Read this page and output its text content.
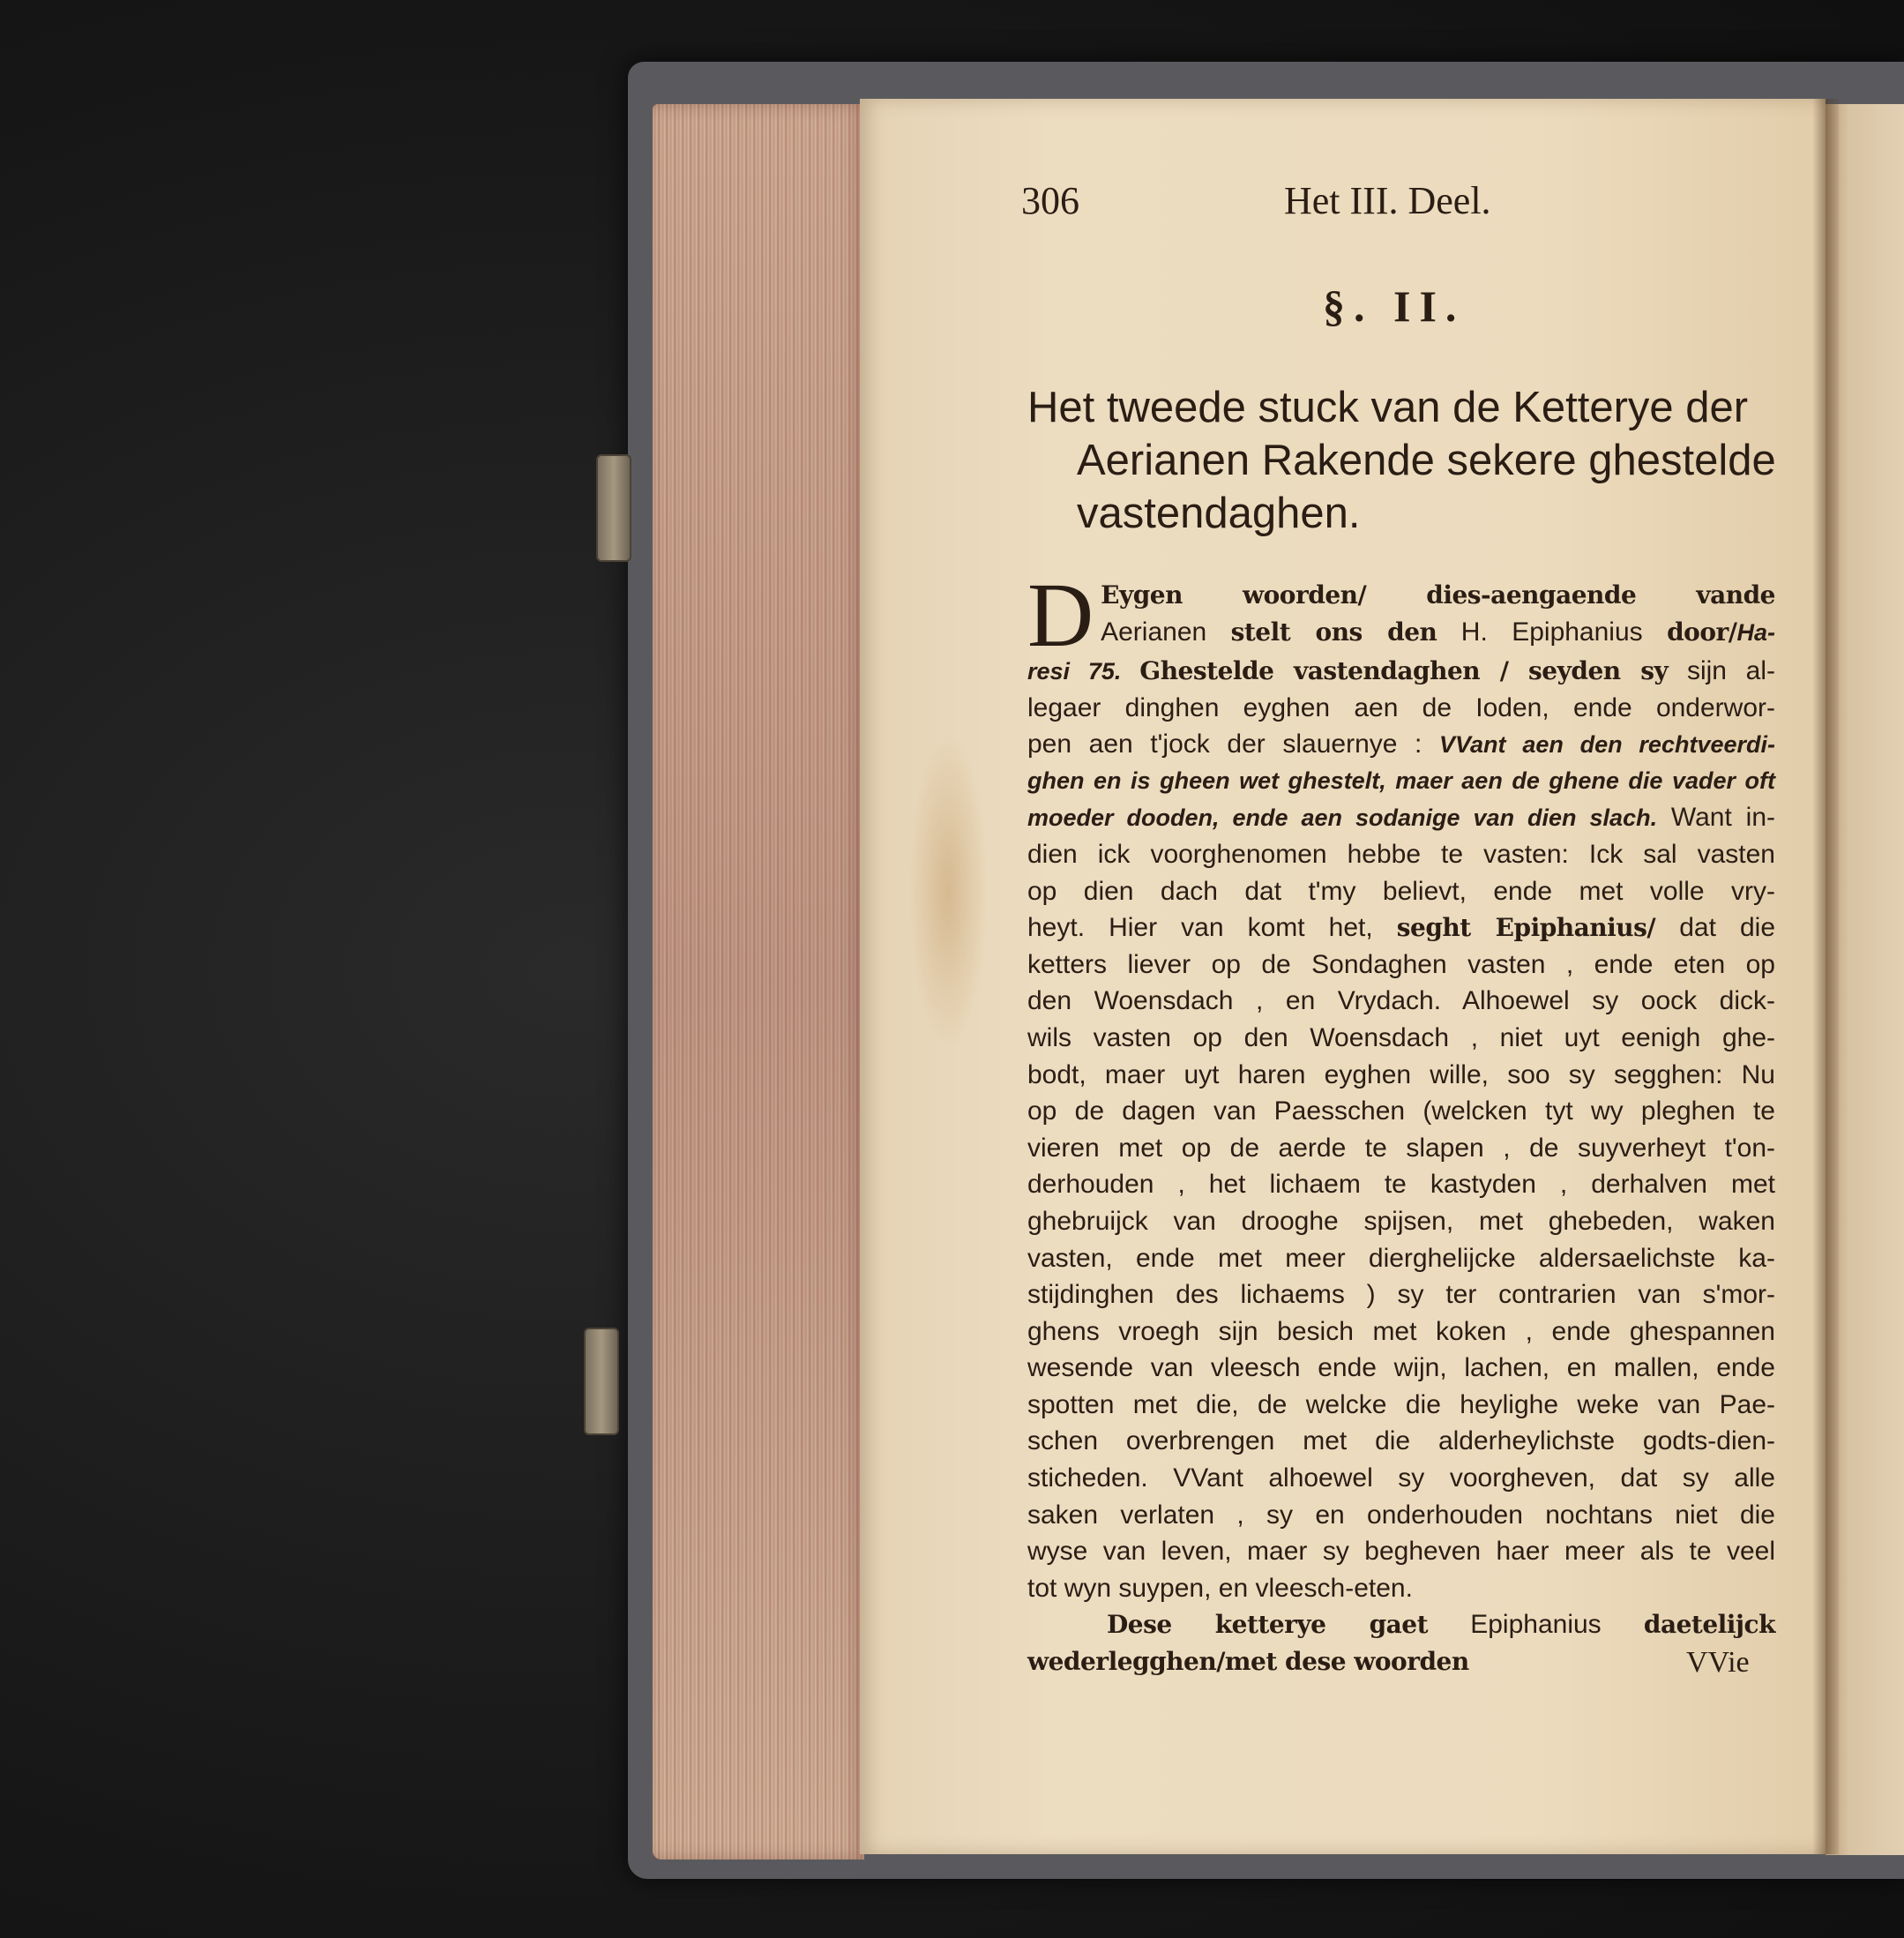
306	Het III. Deel.
§. II.
Het tweede stuck van de Ketterye der
Aerianen Rakende sekere ghestelde
vastendaghen.
D Eygen woorden/ dies-aengaende vande
Aerianen stelt ons den H. Epiphanius door/Ha-
resi 75. Ghestelde vastendaghen / seyden sy sijn al-
legaer dinghen eyghen aen de Ioden, ende onderwor-
pen aen t'jock der slauernye : VVant aen den rechtveerdi-
ghen en is gheen wet ghestelt, maer aen de ghene die vader oft
moeder dooden, ende aen sodanige van dien slach. Want in-
dien ick voorghenomen hebbe te vasten: Ick sal vasten
op dien dach dat t'my believt, ende met volle vry-
heyt. Hier van komt het, seght Epiphanius/ dat die
ketters liever op de Sondaghen vasten , ende eten op
den Woensdach , en Vrydach. Alhoewel sy oock dick-
wils vasten op den Woensdach , niet uyt eenigh ghe-
bodt, maer uyt haren eyghen wille, soo sy segghen: Nu
op de dagen van Paesschen (welcken tyt wy pleghen te
vieren met op de aerde te slapen , de suyverheyt t'on-
derhouden , het lichaem te kastyden , derhalven met
ghebruijck van drooghe spijsen, met ghebeden, waken
vasten, ende met meer dierghelijcke aldersaelichste ka-
stijdinghen des lichaems ) sy ter contrarien van s'mor-
ghens vroegh sijn besich met koken , ende ghespannen
wesende van vleesch ende wijn, lachen, en mallen, ende
spotten met die, de welcke die heylighe weke van Pae-
schen overbrengen met die alderheylichste godts-dien-
sticheden. VVant alhoewel sy voorgheven, dat sy alle
saken verlaten , sy en onderhouden nochtans niet die
wyse van leven, maer sy begheven haer meer als te veel
tot wyn suypen, en vleesch-eten.
Dese ketterye gaet Epiphanius daetelijck
wederlegghen/met dese woorden	VVie
